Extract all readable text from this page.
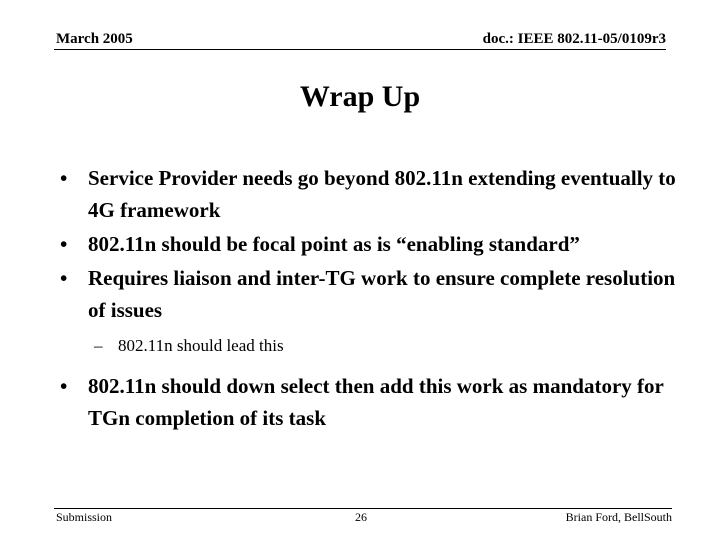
March 2005	doc.: IEEE 802.11-05/0109r3
Wrap Up
• Service Provider needs go beyond 802.11n extending eventually to 4G framework
• 802.11n should be focal point as is “enabling standard”
• Requires liaison and inter-TG work to ensure complete resolution of issues
– 802.11n should lead this
• 802.11n should down select then add this work as mandatory for TGn completion of its task
Submission	26	Brian Ford, BellSouth
